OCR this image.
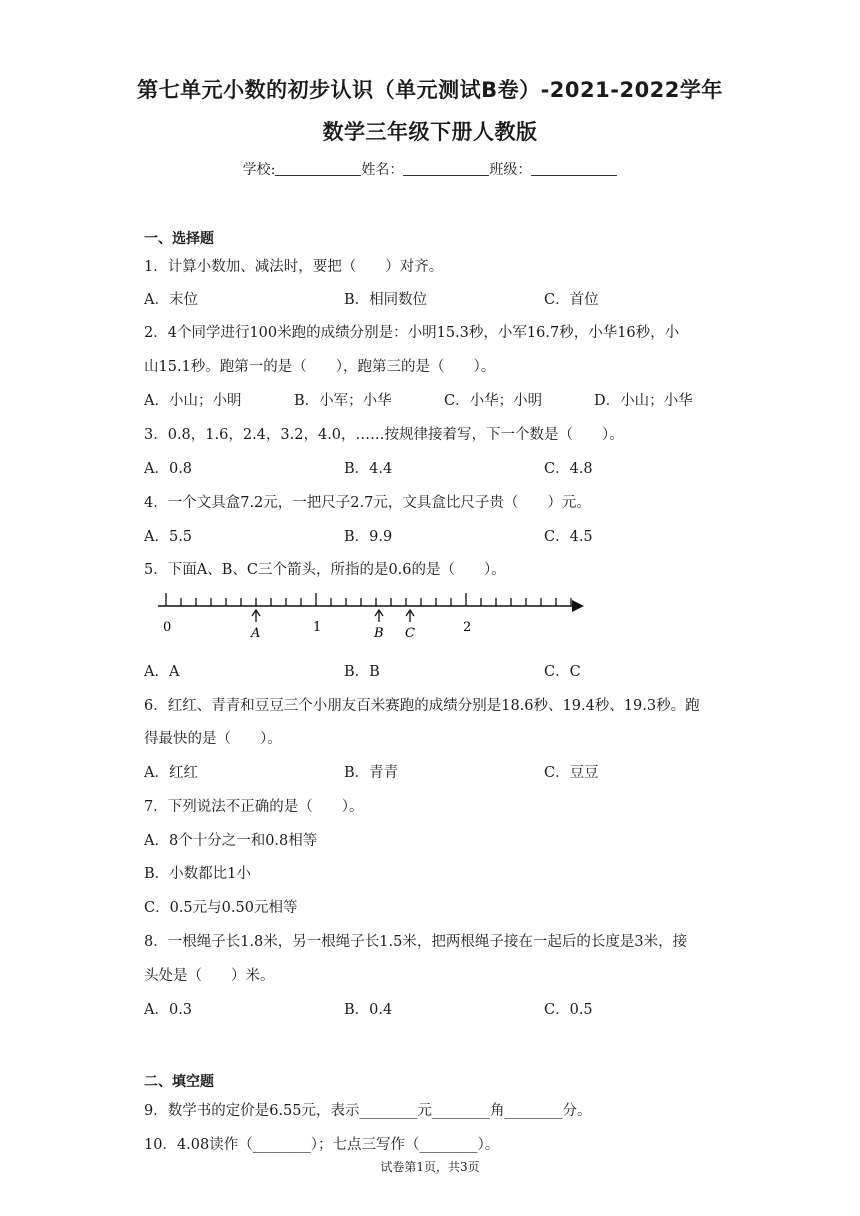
第七单元小数的初步认识（单元测试B卷）-2021-2022学年
数学三年级下册人教版
学校:	姓名：	班级：
一、选择题
1．计算小数加、减法时，要把（　　）对齐。
A．末位	B．相同数位	C．首位
2．4个同学进行100米跑的成绩分别是：小明15.3秒，小军16.7秒，小华16秒，小
山15.1秒。跑第一的是（　　），跑第三的是（　　）。
A．小山；小明	B．小军；小华	C．小华；小明	D．小山；小华
3．0.8，1.6，2.4，3.2，4.0，……按规律接着写，下一个数是（　　）。
A．0.8	B．4.4	C．4.8
4．一个文具盒7.2元，一把尺子2.7元，文具盒比尺子贵（　　）元。
A．5.5	B．9.9	C．4.5
5．下面A、B、C三个箭头，所指的是0.6的是（　　）。
0	1	2
A	B C
A．A	B．B	C．C
6．红红、青青和豆豆三个小朋友百米赛跑的成绩分别是18.6秒、19.4秒、19.3秒。跑
得最快的是（　　）。
A．红红	B．青青	C．豆豆
7．下列说法不正确的是（　　）。
A．8个十分之一和0.8相等
B．小数都比1小
C．0.5元与0.50元相等
8．一根绳子长1.8米，另一根绳子长1.5米，把两根绳子接在一起后的长度是3米，接
头处是（　　）米。
A．0.3	B．0.4	C．0.5
二、填空题
9．数学书的定价是6.55元，表示________元________角________分。
10．4.08读作（________）；七点三写作（________）。
试卷第1页，共3页
